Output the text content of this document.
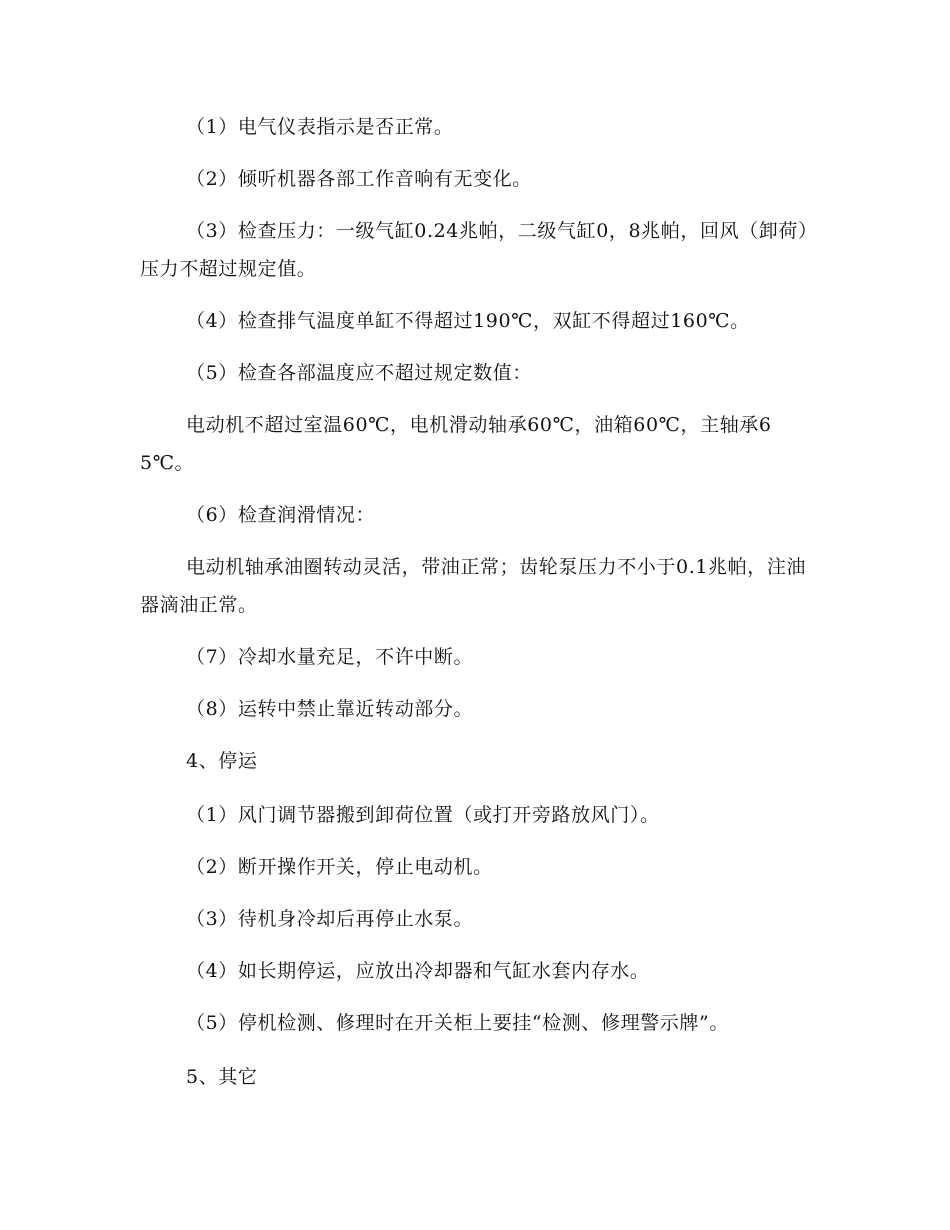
（1）电气仪表指示是否正常。

（2）倾听机器各部工作音响有无变化。

（3）检查压力：一级气缸0.24兆帕，二级气缸0，8兆帕，回风（卸荷）压力不超过规定值。

（4）检查排气温度单缸不得超过190℃，双缸不得超过160℃。

（5）检查各部温度应不超过规定数值：

电动机不超过室温60℃，电机滑动轴承60℃，油箱60℃，主轴承65℃。

（6）检查润滑情况：

电动机轴承油圈转动灵活，带油正常；齿轮泵压力不小于0.1兆帕，注油器滴油正常。

（7）冷却水量充足，不许中断。

（8）运转中禁止靠近转动部分。

4、停运

（1）风门调节器搬到卸荷位置（或打开旁路放风门）。

（2）断开操作开关，停止电动机。

（3）待机身冷却后再停止水泵。

（4）如长期停运，应放出冷却器和气缸水套内存水。

（5）停机检测、修理时在开关柜上要挂“检测、修理警示牌”。

5、其它
